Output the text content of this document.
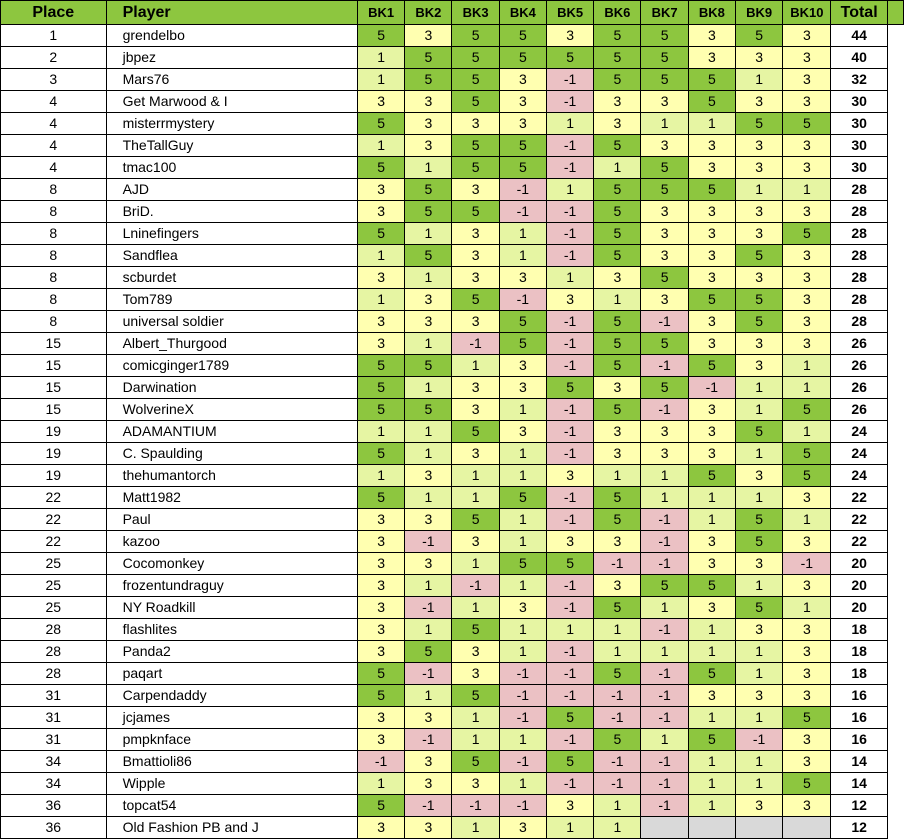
Place	Player	BK1	BK2	BK3	BK4	BK5	BK6	BK7	BK8	BK9	BK10	Total	
1	grendelbo	5	3	5	5	3	5	5	3	5	3	44	
2	jbpez	1	5	5	5	5	5	5	3	3	3	40	
3	Mars76	1	5	5	3	-1	5	5	5	1	3	32	
4	Get Marwood & I	3	3	5	3	-1	3	3	5	3	3	30	
4	misterrmystery	5	3	3	3	1	3	1	1	5	5	30	
4	TheTallGuy	1	3	5	5	-1	5	3	3	3	3	30	
4	tmac100	5	1	5	5	-1	1	5	3	3	3	30	
8	AJD	3	5	3	-1	1	5	5	5	1	1	28	
8	BriD.	3	5	5	-1	-1	5	3	3	3	3	28	
8	Lninefingers	5	1	3	1	-1	5	3	3	3	5	28	
8	Sandflea	1	5	3	1	-1	5	3	3	5	3	28	
8	scburdet	3	1	3	3	1	3	5	3	3	3	28	
8	Tom789	1	3	5	-1	3	1	3	5	5	3	28	
8	universal soldier	3	3	3	5	-1	5	-1	3	5	3	28	
15	Albert_Thurgood	3	1	-1	5	-1	5	5	3	3	3	26	
15	comicginger1789	5	5	1	3	-1	5	-1	5	3	1	26	
15	Darwination	5	1	3	3	5	3	5	-1	1	1	26	
15	WolverineX	5	5	3	1	-1	5	-1	3	1	5	26	
19	ADAMANTIUM	1	1	5	3	-1	3	3	3	5	1	24	
19	C. Spaulding	5	1	3	1	-1	3	3	3	1	5	24	
19	thehumantorch	1	3	1	1	3	1	1	5	3	5	24	
22	Matt1982	5	1	1	5	-1	5	1	1	1	3	22	
22	Paul	3	3	5	1	-1	5	-1	1	5	1	22	
22	kazoo	3	-1	3	1	3	3	-1	3	5	3	22	
25	Cocomonkey	3	3	1	5	5	-1	-1	3	3	-1	20	
25	frozentundraguy	3	1	-1	1	-1	3	5	5	1	3	20	
25	NY Roadkill	3	-1	1	3	-1	5	1	3	5	1	20	
28	flashlites	3	1	5	1	1	1	-1	1	3	3	18	
28	Panda2	3	5	3	1	-1	1	1	1	1	3	18	
28	paqart	5	-1	3	-1	-1	5	-1	5	1	3	18	
31	Carpendaddy	5	1	5	-1	-1	-1	-1	3	3	3	16	
31	jcjames	3	3	1	-1	5	-1	-1	1	1	5	16	
31	pmpknface	3	-1	1	1	-1	5	1	5	-1	3	16	
34	Bmattioli86	-1	3	5	-1	5	-1	-1	1	1	3	14	
34	Wipple	1	3	3	1	-1	-1	-1	1	1	5	14	
36	topcat54	5	-1	-1	-1	3	1	-1	1	3	3	12	
36	Old Fashion PB and J	3	3	1	3	1	1					12	
